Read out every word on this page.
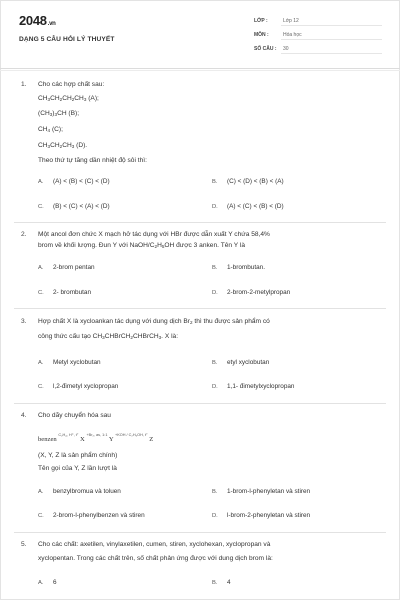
2048.vn
DẠNG 5 CÂU HỎI LÝ THUYẾT
LỚP :	Lớp 12
MÔN :	Hóa học
SỐ CÂU : 30
1. Cho các hợp chất sau:
$CH_3CH_2CH_2CH_3$ (A);
$(CH_3)_3CH$ (B);
$CH_4$ (C);
$CH_3CH_2CH_3$ (D).
Theo thứ tự tăng dần nhiệt độ sôi thì:
A. (A) < (B) < (C) < (D)	B. (C) < (D) < (B) < (A)
C. (B) < (C) < (A) < (D)	D. (A) < (C) < (B) < (D)
2. Một ancol đơn chức X mạch hở tác dụng với HBr được dẫn xuất Y chứa 58,4%
brom về khối lượng. Đun Y với NaOH/$C_2H_5OH$ được 3 anken. Tên Y là
A. 2-brom pentan	B. 1-brombutan.
C. 2- brombutan	D. 2-brom-2-metylpropan
3. Hợp chất X là xycloankan tác dụng với dung dịch $Br_2$ thì thu được sản phẩm có
công thức cấu tạo $CH_3CHBrCH_2CHBrCH_3$. X là:
A. Metyl xyclobutan	B. etyl xyclobutan
C. l,2-đimetyl xyclopropan	D. 1,1- đimetylxyclopropan
4. Cho dãy chuyển hóa sau
benzen $^{C_2H_4, H^+, t^\circ}$ X $^{+Br_2, as, 1:1}$ Y $^{+KOH / C_2H_5OH, t^\circ}$ Z
(X, Y, Z là sản phẩm chính)
Tên gọi của Y, Z lần lượt là
A. benzylbromua và toluen	B. 1-brom-l-phenyletan và stiren
C. 2-brom-l-phenylbenzen và stiren	D. l-brom-2-phenyletan và stiren
5. Cho các chất: axetilen, vinylaxetilen, cumen, stiren, xyclohexan, xyclopropan và
xyclopentan. Trong các chất trên, số chất phản ứng được với dung dịch brom là:
A. 6	B. 4
